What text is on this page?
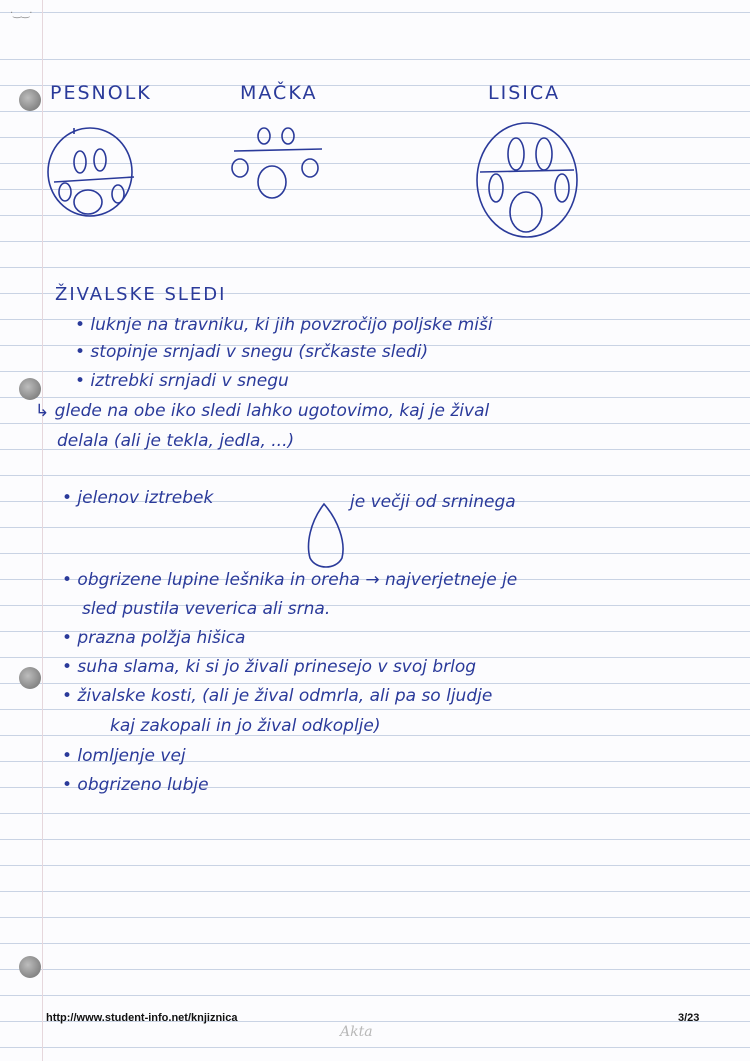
·‿‿·
PESNOLK	MAČKA	LISICA
ŽIVALSKE SLEDI
• luknje na travniku, ki jih povzročijo poljske miši
• stopinje srnjadi v snegu (srčkaste sledi)
• iztrebki srnjadi v snegu
↳ glede na obe iko sledi lahko ugotovimo, kaj je žival
delala (ali je tekla, jedla, ...)
• jelenov iztrebek	je večji od srninega
• obgrizene lupine lešnika in oreha → najverjetneje je
sled pustila veverica ali srna.
• prazna polžja hišica
• suha slama, ki si jo živali prinesejo v svoj brlog
• živalske kosti, (ali je žival odmrla, ali pa so ljudje
kaj zakopali in jo žival odkoplje)
• lomljenje vej
• obgrizeno lubje
http://www.student-info.net/knjiznica	3/23
Akta
